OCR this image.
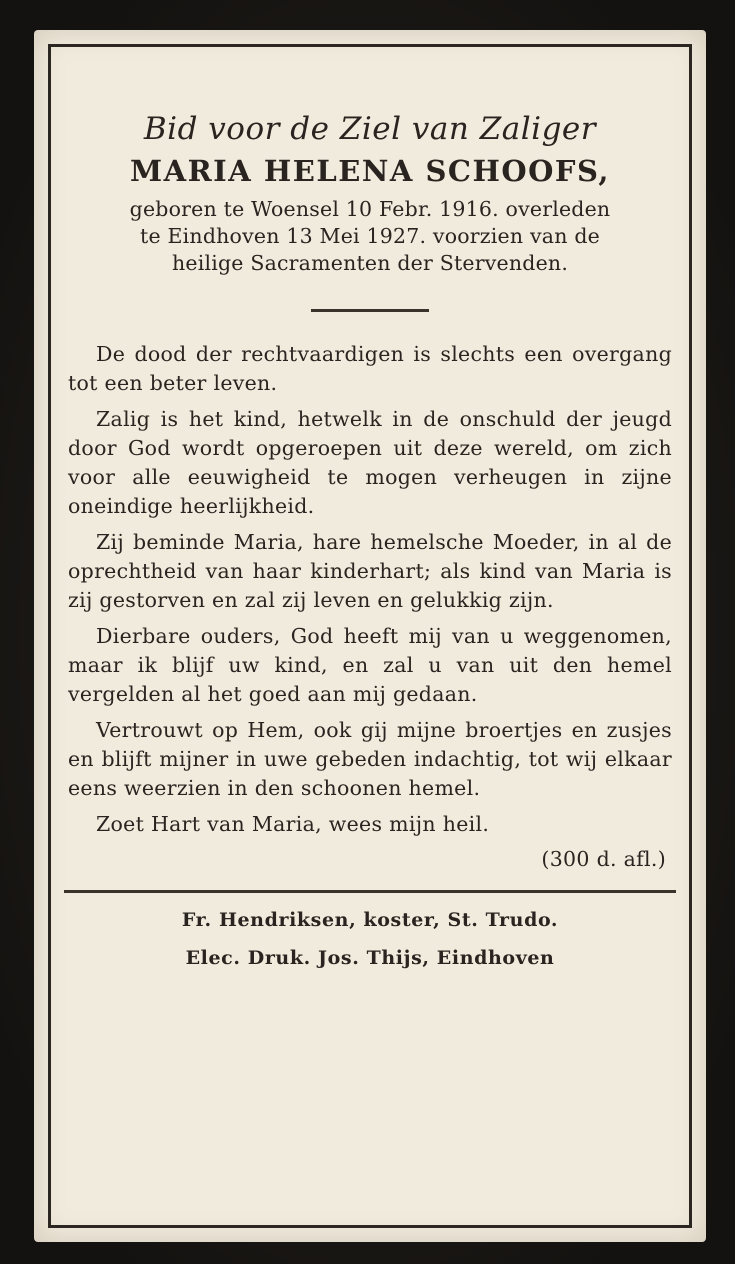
Bid voor de Ziel van Zaliger

MARIA HELENA SCHOOFS,

geboren te Woensel 10 Febr. 1916. overleden
te Eindhoven 13 Mei 1927. voorzien van de
heilige Sacramenten der Stervenden.

De dood der rechtvaardigen is slechts een overgang tot een beter leven.

Zalig is het kind, hetwelk in de onschuld der jeugd door God wordt opgeroepen uit deze wereld, om zich voor alle eeuwigheid te mogen verheugen in zijne oneindige heerlijkheid.

Zij beminde Maria, hare hemelsche Moeder, in al de oprechtheid van haar kinderhart; als kind van Maria is zij gestorven en zal zij leven en gelukkig zijn.

Dierbare ouders, God heeft mij van u weggenomen, maar ik blijf uw kind, en zal u van uit den hemel vergelden al het goed aan mij gedaan.

Vertrouwt op Hem, ook gij mijne broertjes en zusjes en blijft mijner in uwe gebeden indachtig, tot wij elkaar eens weerzien in den schoonen hemel.

Zoet Hart van Maria, wees mijn heil.

(300 d. afl.)

Fr. Hendriksen, koster, St. Trudo.
Elec. Druk. Jos. Thijs, Eindhoven
